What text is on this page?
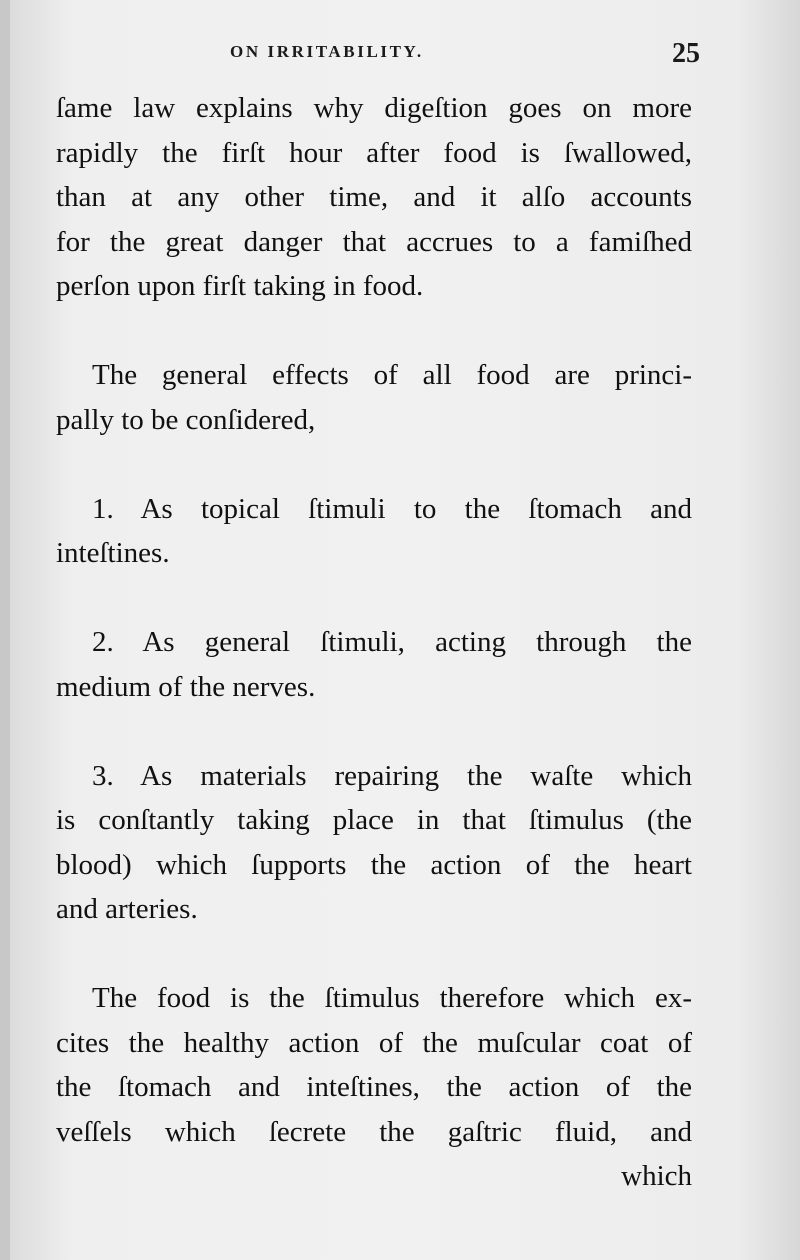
ON IRRITABILITY.	25
ſame law explains why digeſtion goes on more
rapidly the firſt hour after food is ſwallowed,
than at any other time, and it alſo accounts
for the great danger that accrues to a famiſhed
perſon upon firſt taking in food.
The general effects of all food are princi-
pally to be conſidered,
1. As topical ſtimuli to the ſtomach and
inteſtines.
2. As general ſtimuli, acting through the
medium of the nerves.
3. As materials repairing the waſte which
is conſtantly taking place in that ſtimulus (the
blood) which ſupports the action of the heart
and arteries.
The food is the ſtimulus therefore which ex-
cites the healthy action of the muſcular coat of
the ſtomach and inteſtines, the action of the
veſſels which ſecrete the gaſtric fluid, and
which
